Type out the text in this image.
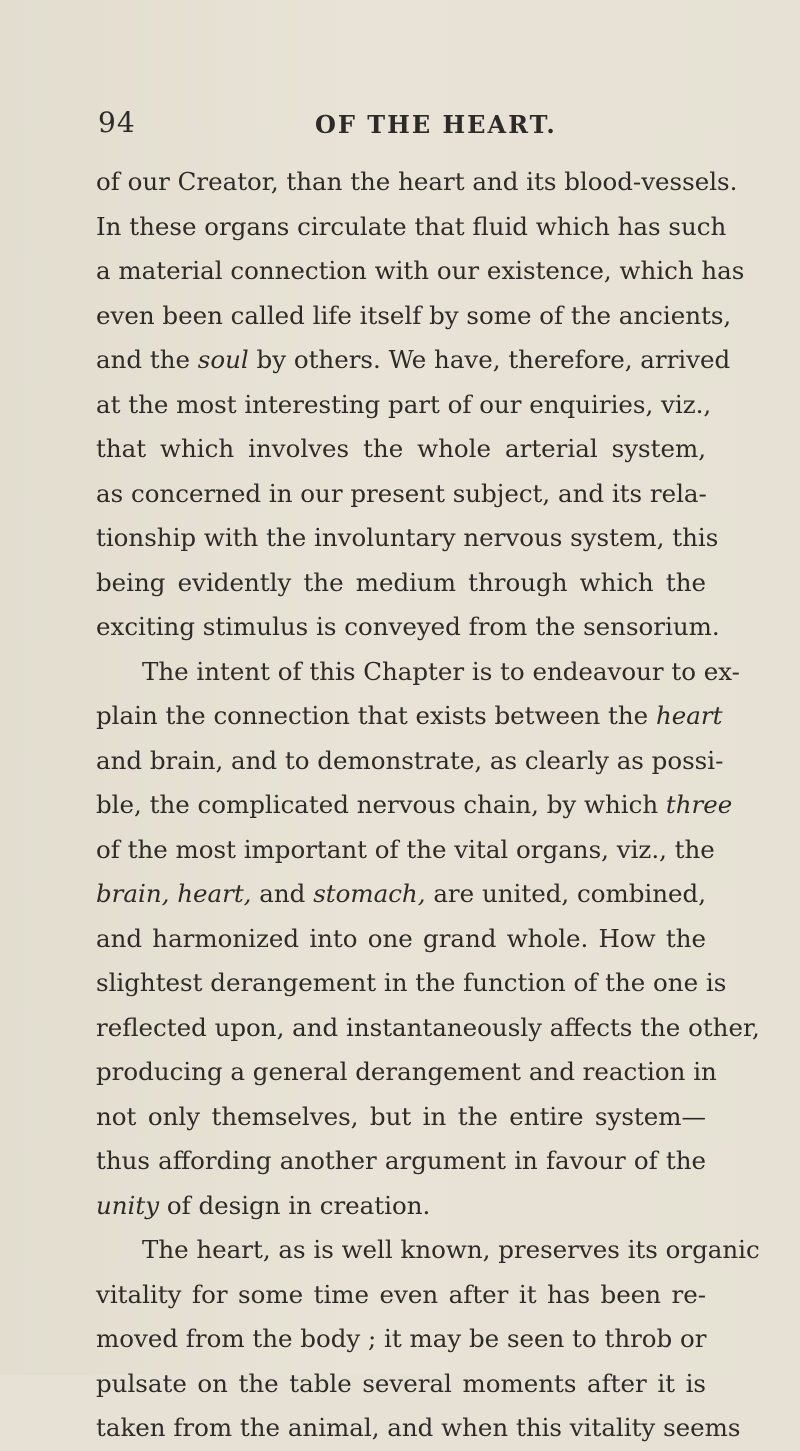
94	OF THE HEART.
of our Creator, than the heart and its blood-vessels.
In these organs circulate that fluid which has such
a material connection with our existence, which has
even been called life itself by some of the ancients,
and the soul by others. We have, therefore, arrived
at the most interesting part of our enquiries, viz.,
that which involves the whole arterial system,
as concerned in our present subject, and its rela-
tionship with the involuntary nervous system, this
being evidently the medium through which the
exciting stimulus is conveyed from the sensorium.
The intent of this Chapter is to endeavour to ex-
plain the connection that exists between the heart
and brain, and to demonstrate, as clearly as possi-
ble, the complicated nervous chain, by which three
of the most important of the vital organs, viz., the
brain, heart, and stomach, are united, combined,
and harmonized into one grand whole. How the
slightest derangement in the function of the one is
reflected upon, and instantaneously affects the other,
producing a general derangement and reaction in
not only themselves, but in the entire system—
thus affording another argument in favour of the
unity of design in creation.
The heart, as is well known, preserves its organic
vitality for some time even after it has been re-
moved from the body ; it may be seen to throb or
pulsate on the table several moments after it is
taken from the animal, and when this vitality seems
